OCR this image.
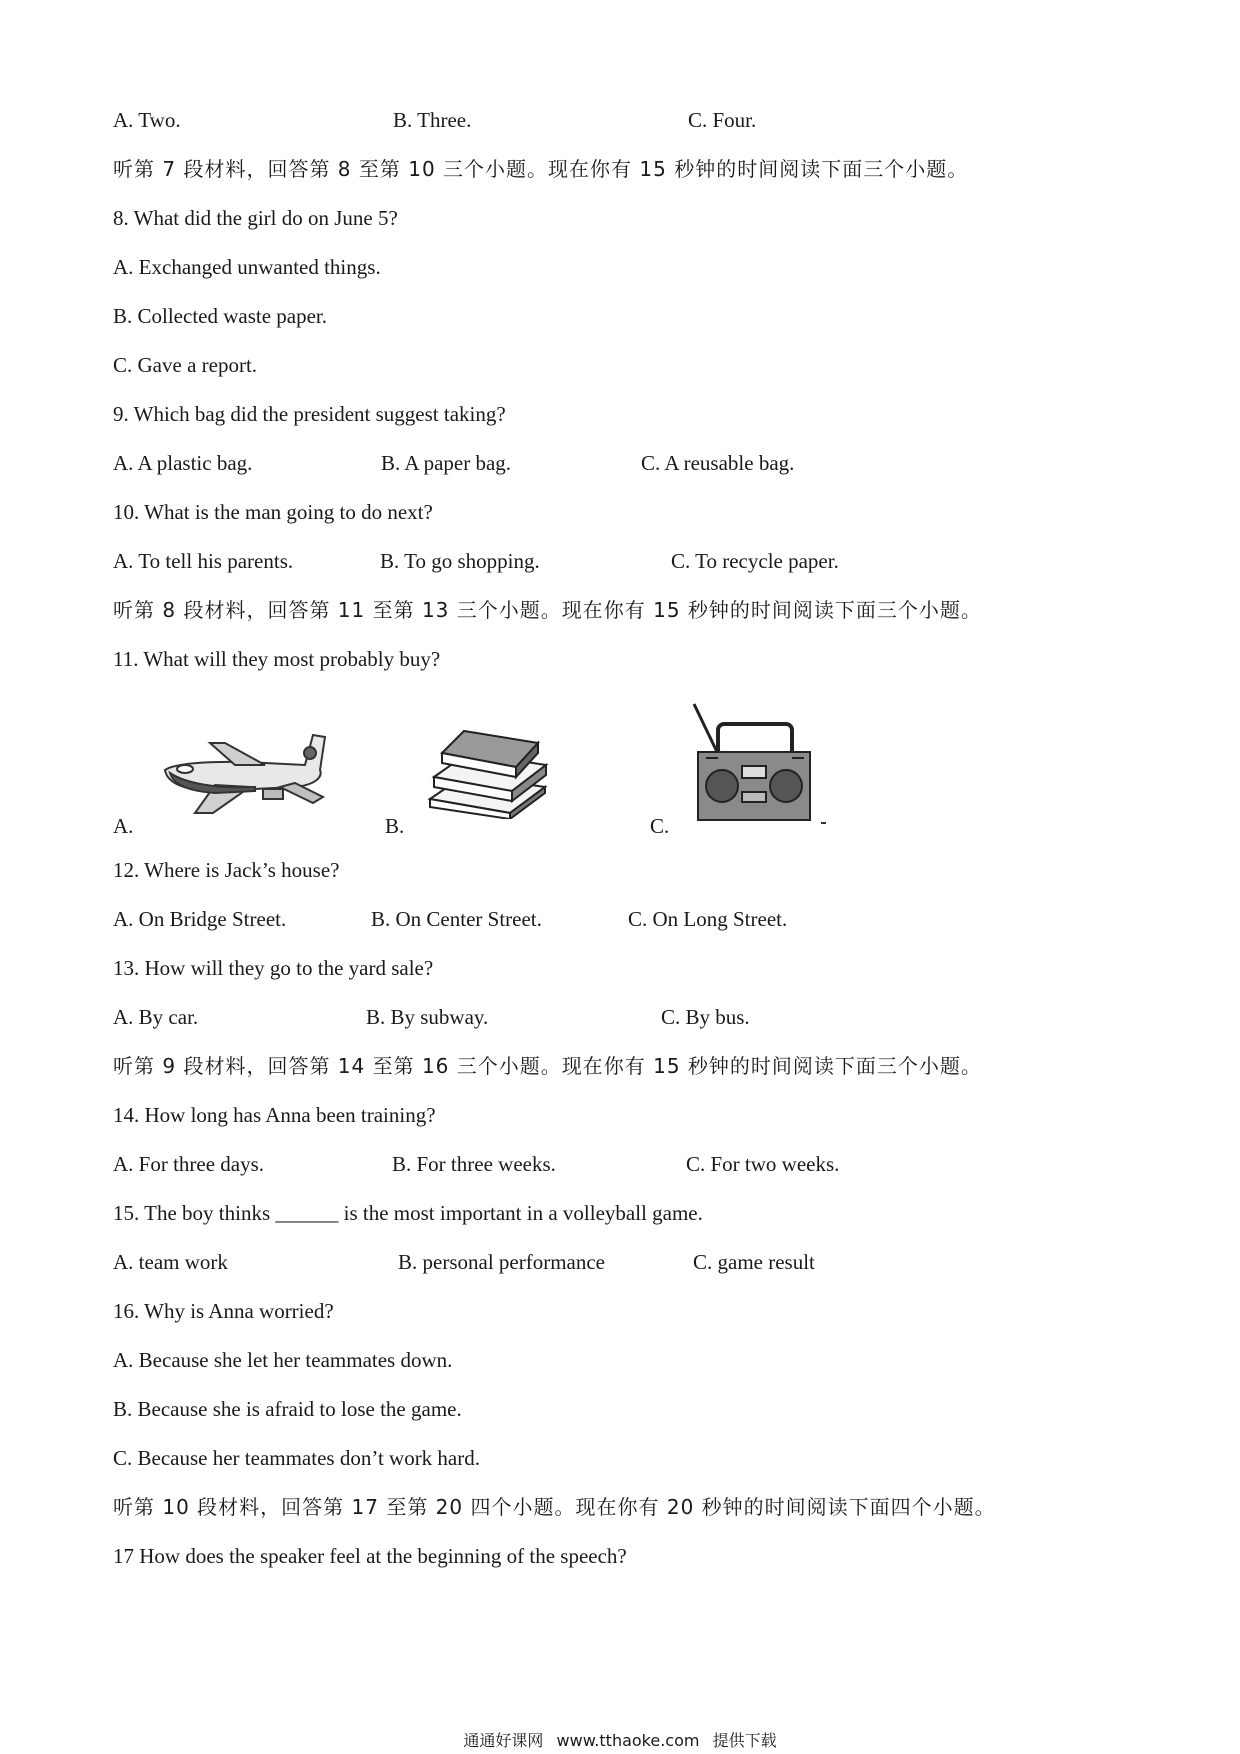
A. Two.	B. Three.	C. Four.
听第 7 段材料，回答第 8 至第 10 三个小题。现在你有 15 秒钟的时间阅读下面三个小题。
8. What did the girl do on June 5?
A. Exchanged unwanted things.
B. Collected waste paper.
C. Gave a report.
9. Which bag did the president suggest taking?
A. A plastic bag.	B. A paper bag.	C. A reusable bag.
10. What is the man going to do next?
A. To tell his parents.	B. To go shopping.	C. To recycle paper.
听第 8 段材料，回答第 11 至第 13 三个小题。现在你有 15 秒钟的时间阅读下面三个小题。
11. What will they most probably buy?
A.	B.	C.
12. Where is Jack’s house?
A. On Bridge Street.	B. On Center Street.	C. On Long Street.
13. How will they go to the yard sale?
A. By car.	B. By subway.	C. By bus.
听第 9 段材料，回答第 14 至第 16 三个小题。现在你有 15 秒钟的时间阅读下面三个小题。
14. How long has Anna been training?
A. For three days.	B. For three weeks.	C. For two weeks.
15. The boy thinks ______ is the most important in a volleyball game.
A. team work	B. personal performance	C. game result
16. Why is Anna worried?
A. Because she let her teammates down.
B. Because she is afraid to lose the game.
C. Because her teammates don’t work hard.
听第 10 段材料，回答第 17 至第 20 四个小题。现在你有 20 秒钟的时间阅读下面四个小题。
17 How does the speaker feel at the beginning of the speech?
通通好课网 www.tthaoke.com 提供下载
